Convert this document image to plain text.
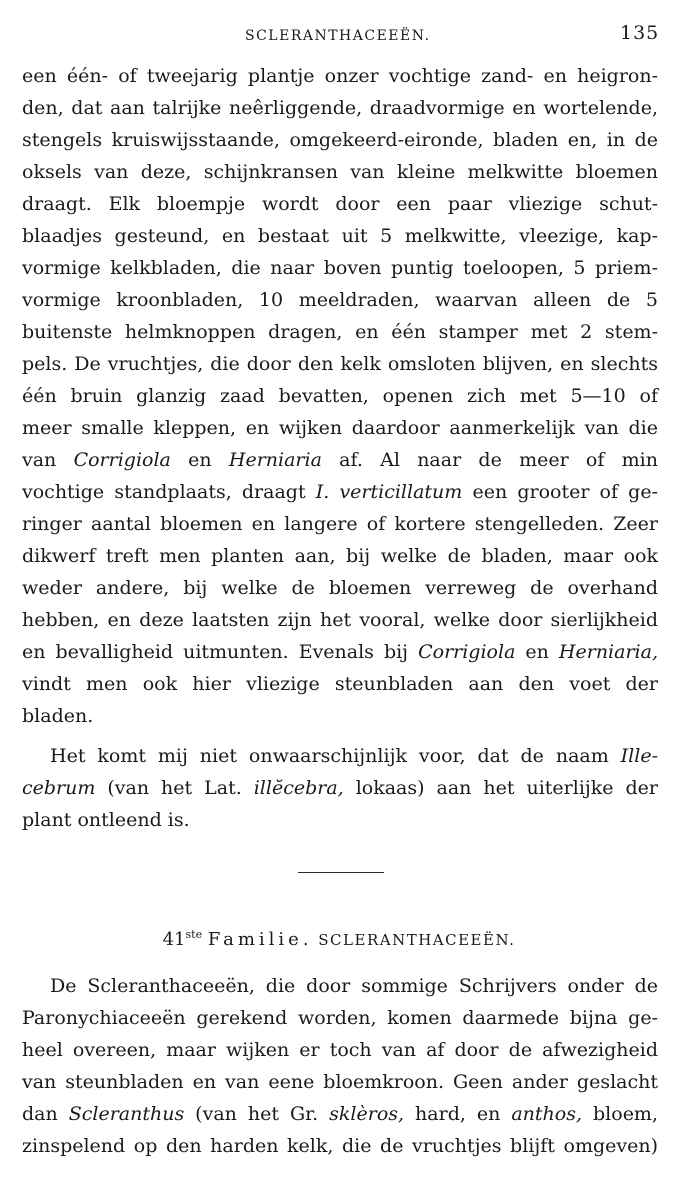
SCLERANTHACEEËN.	135
een één- of tweejarig plantje onzer vochtige zand- en heigron-
den, dat aan talrijke neêrliggende, draadvormige en wortelende,
stengels kruiswijsstaande, omgekeerd-eironde, bladen en, in de
oksels van deze, schijnkransen van kleine melkwitte bloemen
draagt. Elk bloempje wordt door een paar vliezige schut-
blaadjes gesteund, en bestaat uit 5 melkwitte, vleezige, kap-
vormige kelkbladen, die naar boven puntig toeloopen, 5 priem-
vormige kroonbladen, 10 meeldraden, waarvan alleen de 5
buitenste helmknoppen dragen, en één stamper met 2 stem-
pels. De vruchtjes, die door den kelk omsloten blijven, en slechts
één bruin glanzig zaad bevatten, openen zich met 5—10 of
meer smalle kleppen, en wijken daardoor aanmerkelijk van die
van Corrigiola en Herniaria af. Al naar de meer of min
vochtige standplaats, draagt I. verticillatum een grooter of ge-
ringer aantal bloemen en langere of kortere stengelleden. Zeer
dikwerf treft men planten aan, bij welke de bladen, maar ook
weder andere, bij welke de bloemen verreweg de overhand
hebben, en deze laatsten zijn het vooral, welke door sierlijkheid
en bevalligheid uitmunten. Evenals bij Corrigiola en Herniaria,
vindt men ook hier vliezige steunbladen aan den voet der
bladen.
Het komt mij niet onwaarschijnlijk voor, dat de naam Ille-
cebrum (van het Lat. illĕcebra, lokaas) aan het uiterlijke der
plant ontleend is.
41ste Familie. SCLERANTHACEEËN.
De Scleranthaceeën, die door sommige Schrijvers onder de
Paronychiaceeën gerekend worden, komen daarmede bijna ge-
heel overeen, maar wijken er toch van af door de afwezigheid
van steunbladen en van eene bloemkroon. Geen ander geslacht
dan Scleranthus (van het Gr. sklèros, hard, en anthos, bloem,
zinspelend op den harden kelk, die de vruchtjes blijft omgeven)
